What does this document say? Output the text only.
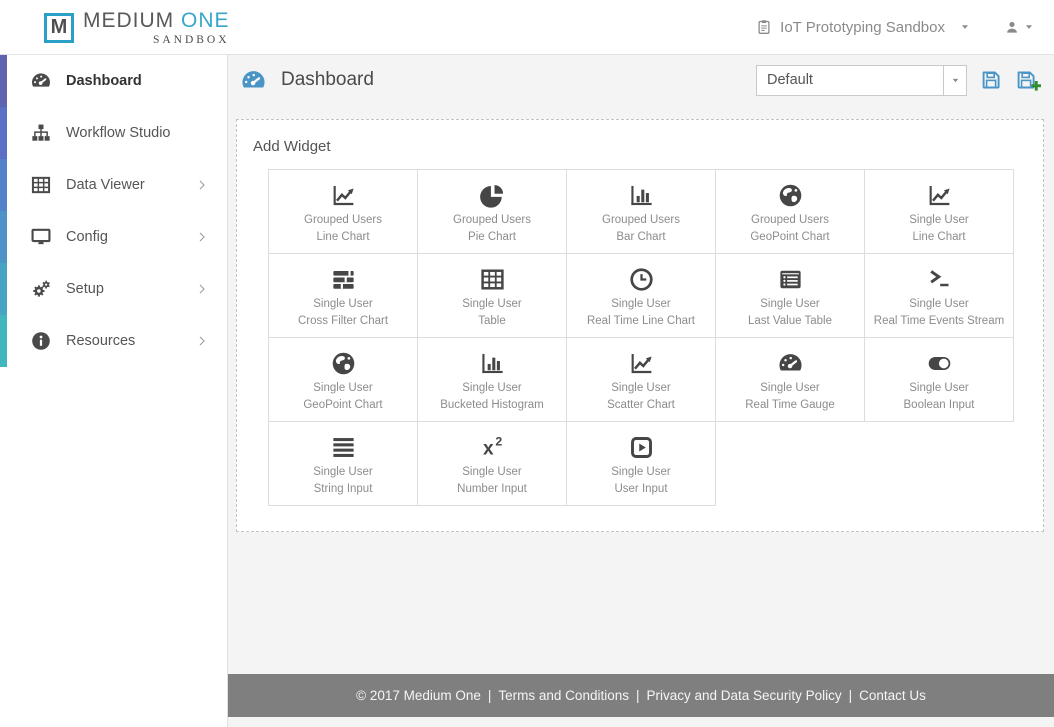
M MEDIUM ONE
SANDBOX
IoT Prototyping Sandbox
Dashboard
Workflow Studio
Data Viewer
Config
Setup
Resources
Dashboard	Default
Add Widget
Grouped Users
Line Chart
Grouped Users
Pie Chart
Grouped Users
Bar Chart
Grouped Users
GeoPoint Chart
Single User
Line Chart
Single User
Cross Filter Chart
Single User
Table
Single User
Real Time Line Chart
Single User
Last Value Table
Single User
Real Time Events Stream
Single User
GeoPoint Chart
Single User
Bucketed Histogram
Single User
Scatter Chart
Single User
Real Time Gauge
Single User
Boolean Input
Single User
String Input
x 2
Single User
Number Input
Single User
User Input
© 2017 Medium One | Terms and Conditions | Privacy and Data Security Policy | Contact Us
